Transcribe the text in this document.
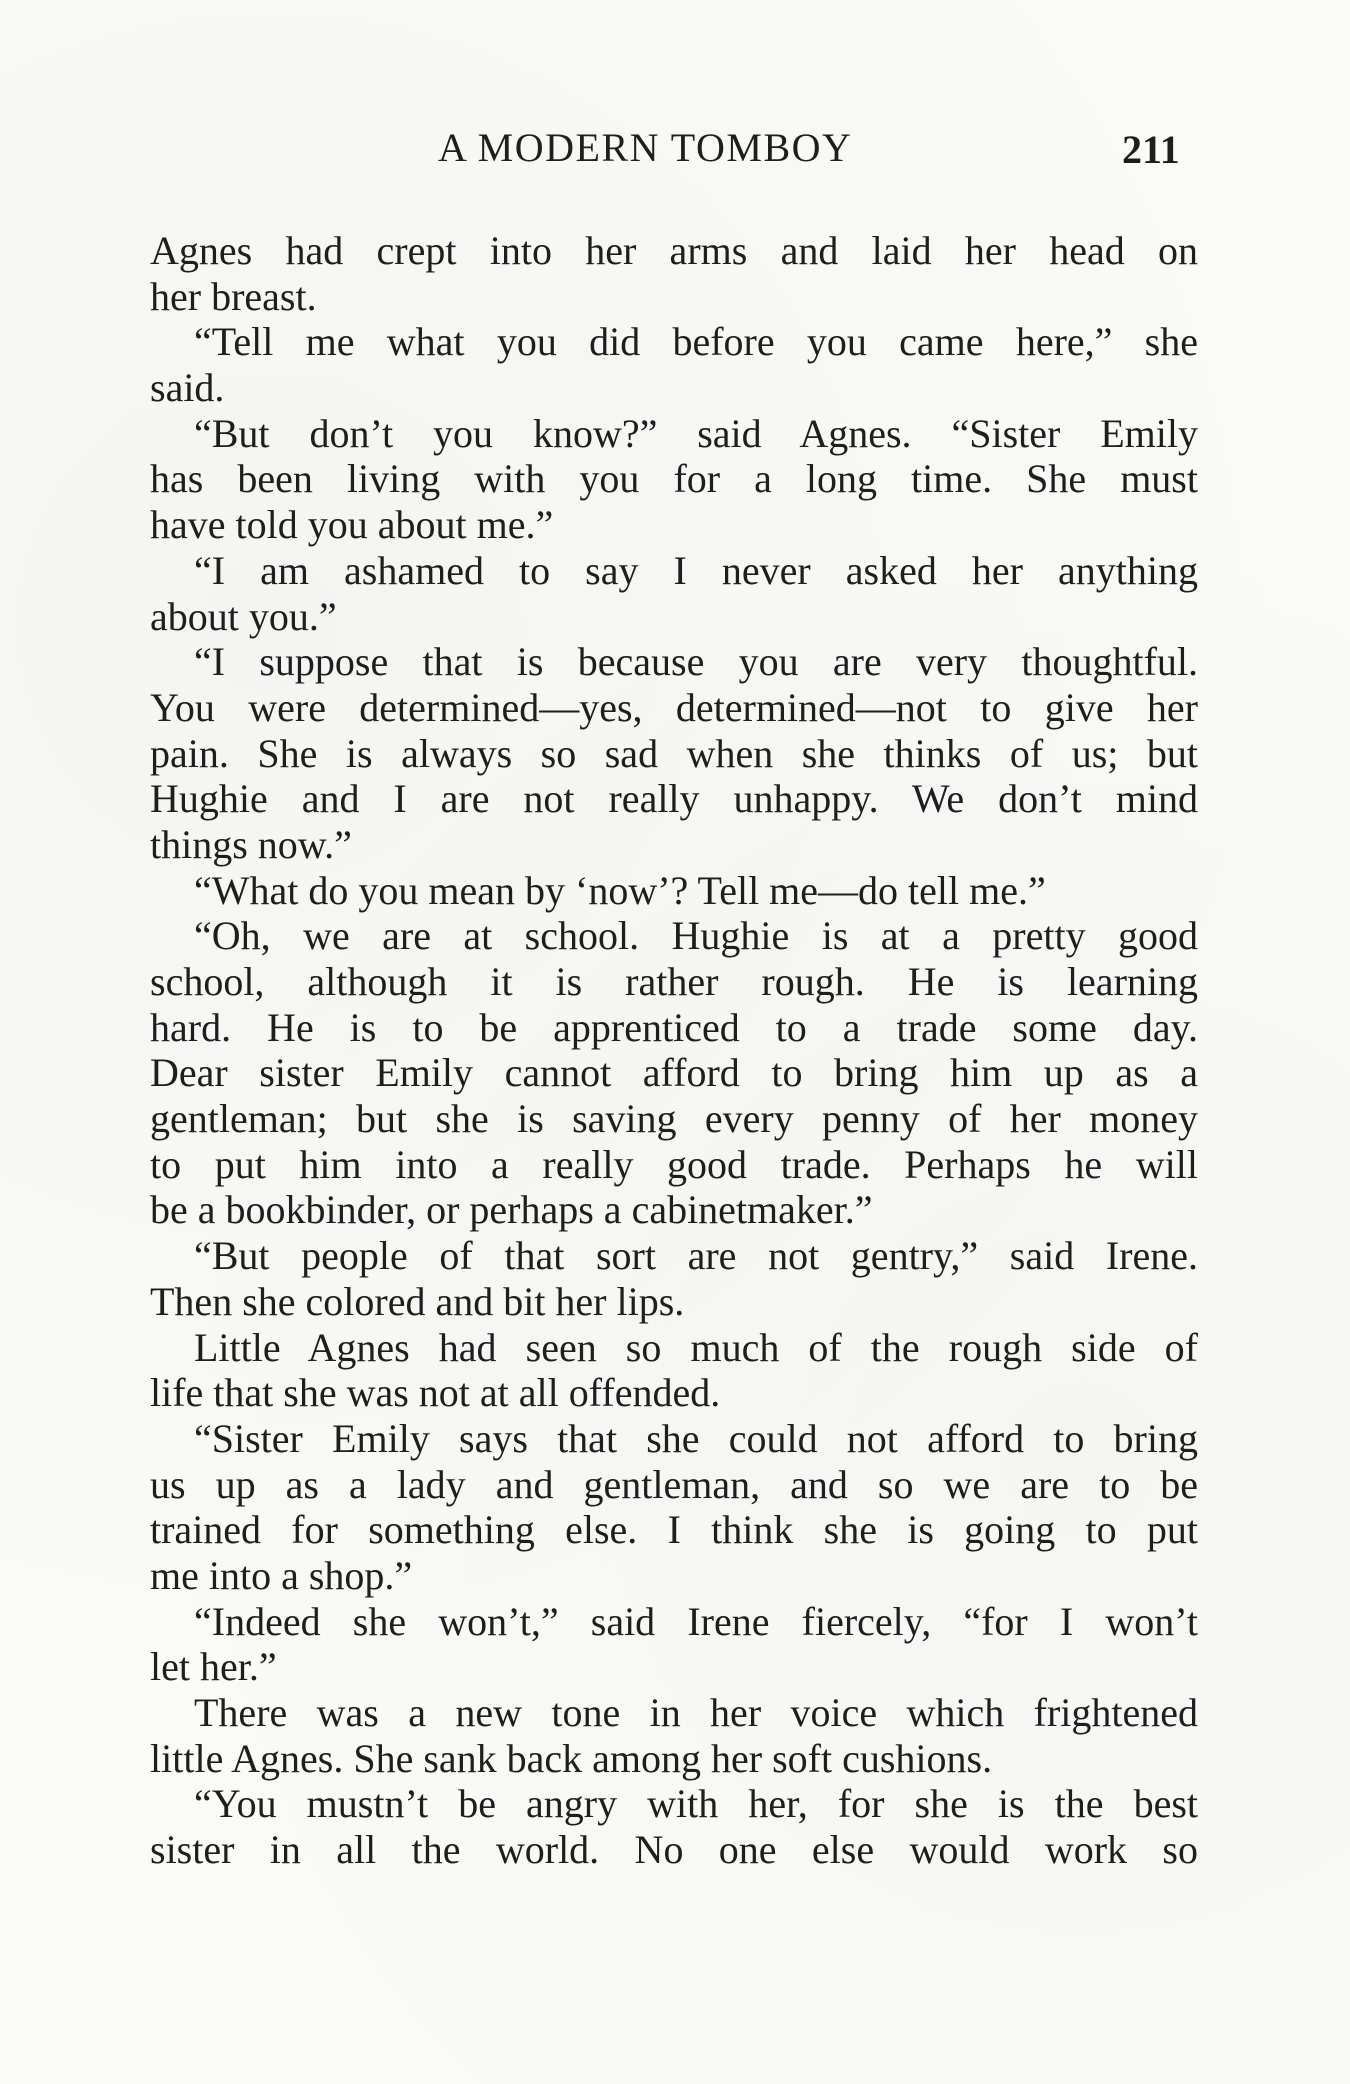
A MODERN TOMBOY	211
Agnes had crept into her arms and laid her head on
her breast.
“Tell me what you did before you came here,” she
said.
“But don’t you know?” said Agnes. “Sister Emily
has been living with you for a long time. She must
have told you about me.”
“I am ashamed to say I never asked her anything
about you.”
“I suppose that is because you are very thoughtful.
You were determined—yes, determined—not to give her
pain. She is always so sad when she thinks of us; but
Hughie and I are not really unhappy. We don’t mind
things now.”
“What do you mean by ‘now’? Tell me—do tell me.”
“Oh, we are at school. Hughie is at a pretty good
school, although it is rather rough. He is learning
hard. He is to be apprenticed to a trade some day.
Dear sister Emily cannot afford to bring him up as a
gentleman; but she is saving every penny of her money
to put him into a really good trade. Perhaps he will
be a bookbinder, or perhaps a cabinetmaker.”
“But people of that sort are not gentry,” said Irene.
Then she colored and bit her lips.
Little Agnes had seen so much of the rough side of
life that she was not at all offended.
“Sister Emily says that she could not afford to bring
us up as a lady and gentleman, and so we are to be
trained for something else. I think she is going to put
me into a shop.”
“Indeed she won’t,” said Irene fiercely, “for I won’t
let her.”
There was a new tone in her voice which frightened
little Agnes. She sank back among her soft cushions.
“You mustn’t be angry with her, for she is the best
sister in all the world. No one else would work so
